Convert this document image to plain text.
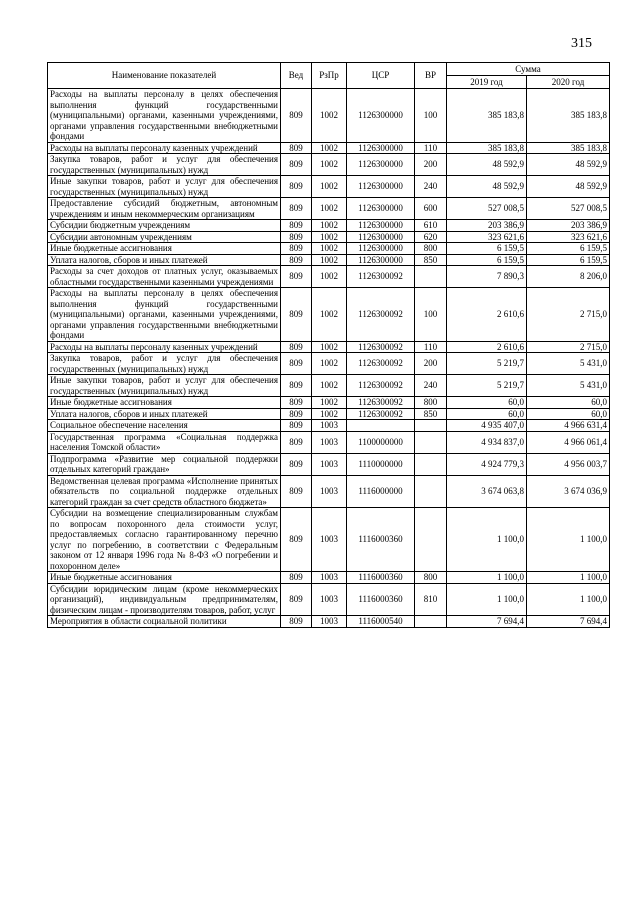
315
Наименование показателей	Вед	РзПр	ЦСР	ВР	Сумма	
					2019 год	2020 год
Расходы на выплаты персоналу в целях обеспечения выполнения функций государственными (муниципальными) органами, казенными учреждениями, органами управления государственными внебюджетными фондами	809	1002	1126300000	100	385 183,8	385 183,8
Расходы на выплаты персоналу казенных учреждений	809	1002	1126300000	110	385 183,8	385 183,8
Закупка товаров, работ и услуг для обеспечения государственных (муниципальных) нужд	809	1002	1126300000	200	48 592,9	48 592,9
Иные закупки товаров, работ и услуг для обеспечения государственных (муниципальных) нужд	809	1002	1126300000	240	48 592,9	48 592,9
Предоставление субсидий бюджетным, автономным учреждениям и иным некоммерческим организациям	809	1002	1126300000	600	527 008,5	527 008,5
Субсидии бюджетным учреждениям	809	1002	1126300000	610	203 386,9	203 386,9
Субсидии автономным учреждениям	809	1002	1126300000	620	323 621,6	323 621,6
Иные бюджетные ассигнования	809	1002	1126300000	800	6 159,5	6 159,5
Уплата налогов, сборов и иных платежей	809	1002	1126300000	850	6 159,5	6 159,5
Расходы за счет доходов от платных услуг, оказываемых областными государственными казенными учреждениями	809	1002	1126300092		7 890,3	8 206,0
Расходы на выплаты персоналу в целях обеспечения выполнения функций государственными (муниципальными) органами, казенными учреждениями, органами управления государственными внебюджетными фондами	809	1002	1126300092	100	2 610,6	2 715,0
Расходы на выплаты персоналу казенных учреждений	809	1002	1126300092	110	2 610,6	2 715,0
Закупка товаров, работ и услуг для обеспечения государственных (муниципальных) нужд	809	1002	1126300092	200	5 219,7	5 431,0
Иные закупки товаров, работ и услуг для обеспечения государственных (муниципальных) нужд	809	1002	1126300092	240	5 219,7	5 431,0
Иные бюджетные ассигнования	809	1002	1126300092	800	60,0	60,0
Уплата налогов, сборов и иных платежей	809	1002	1126300092	850	60,0	60,0
Социальное обеспечение населения	809	1003			4 935 407,0	4 966 631,4
Государственная программа «Социальная поддержка населения Томской области»	809	1003	1100000000		4 934 837,0	4 966 061,4
Подпрограмма «Развитие мер социальной поддержки отдельных категорий граждан»	809	1003	1110000000		4 924 779,3	4 956 003,7
Ведомственная целевая программа «Исполнение принятых обязательств по социальной поддержке отдельных категорий граждан за счет средств областного бюджета»	809	1003	1116000000		3 674 063,8	3 674 036,9
Субсидии на возмещение специализированным службам по вопросам похоронного дела стоимости услуг, предоставляемых согласно гарантированному перечню услуг по погребению, в соответствии с Федеральным законом от 12 января 1996 года № 8-ФЗ «О погребении и похоронном деле»	809	1003	1116000360		1 100,0	1 100,0
Иные бюджетные ассигнования	809	1003	1116000360	800	1 100,0	1 100,0
Субсидии юридическим лицам (кроме некоммерческих организаций), индивидуальным предпринимателям, физическим лицам - производителям товаров, работ, услуг	809	1003	1116000360	810	1 100,0	1 100,0
Мероприятия в области социальной политики	809	1003	1116000540		7 694,4	7 694,4
